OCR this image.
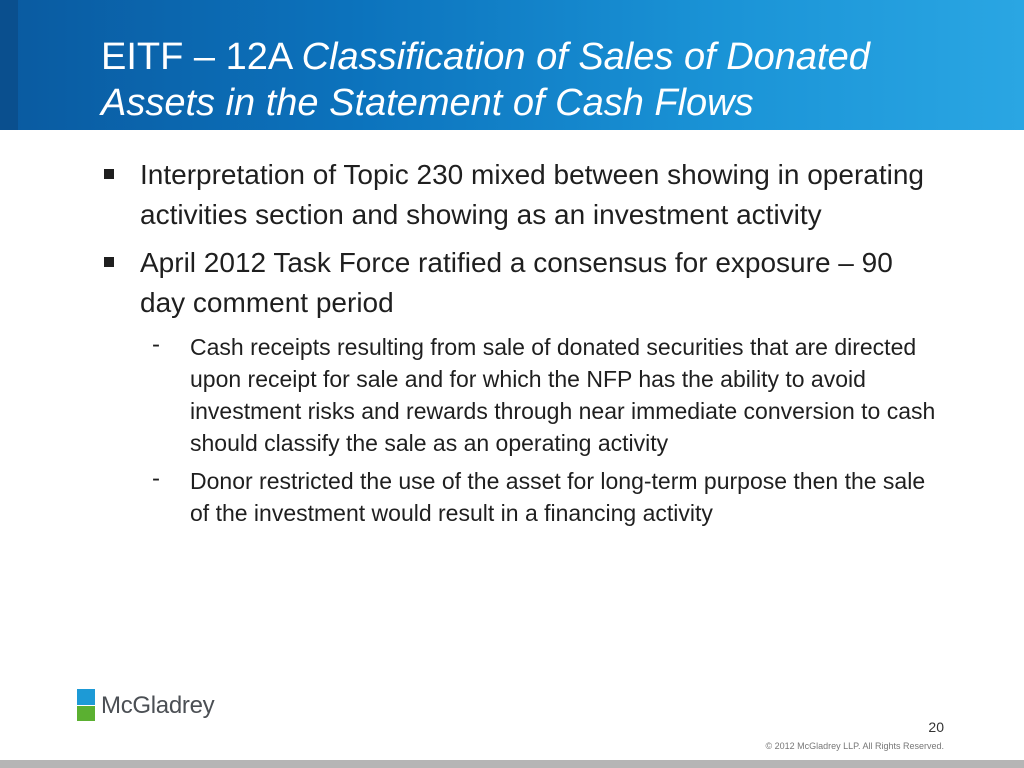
EITF – 12A Classification of Sales of Donated Assets in the Statement of Cash Flows
Interpretation of Topic 230 mixed between showing in operating activities section and showing as an investment activity
April 2012 Task Force ratified a consensus for exposure – 90 day comment period
- Cash receipts resulting from sale of donated securities that are directed upon receipt for sale and for which the NFP has the ability to avoid investment risks and rewards through near immediate conversion to cash should classify the sale as an operating activity
- Donor restricted the use of the asset for long-term purpose then the sale of the investment would result in a financing activity
McGladrey
20
© 2012 McGladrey LLP. All Rights Reserved.
